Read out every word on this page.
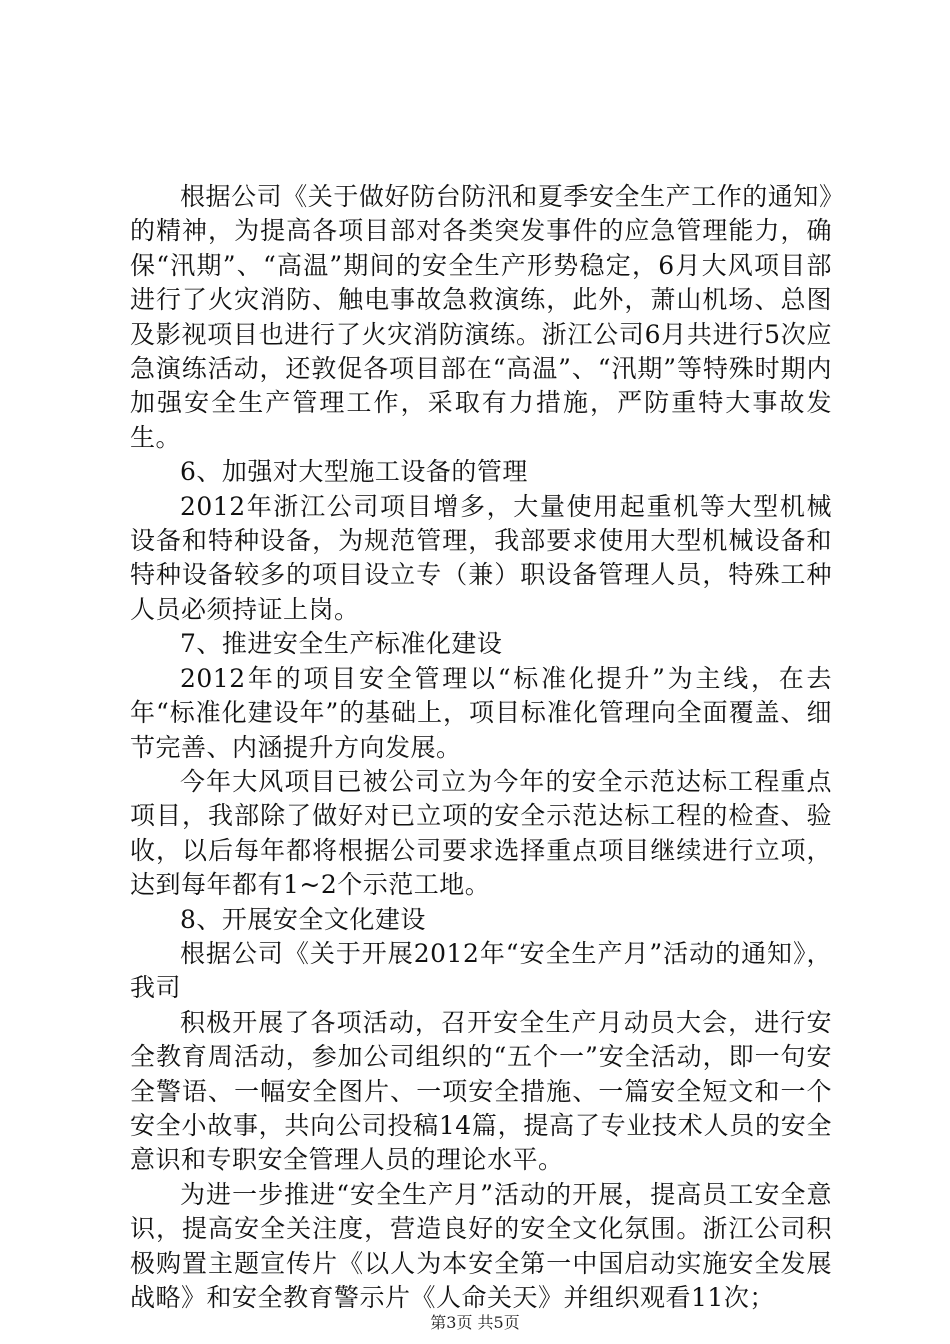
根据公司《关于做好防台防汛和夏季安全生产工作的通知》的精神，为提高各项目部对各类突发事件的应急管理能力，确保“汛期”、“高温”期间的安全生产形势稳定，6月大风项目部进行了火灾消防、触电事故急救演练，此外，萧山机场、总图及影视项目也进行了火灾消防演练。浙江公司6月共进行5次应急演练活动，还敦促各项目部在“高温”、“汛期”等特殊时期内加强安全生产管理工作，采取有力措施，严防重特大事故发生。

6、加强对大型施工设备的管理

2012年浙江公司项目增多，大量使用起重机等大型机械设备和特种设备，为规范管理，我部要求使用大型机械设备和特种设备较多的项目设立专（兼）职设备管理人员，特殊工种人员必须持证上岗。

7、推进安全生产标准化建设

2012年的项目安全管理以“标准化提升”为主线，在去年“标准化建设年”的基础上，项目标准化管理向全面覆盖、细节完善、内涵提升方向发展。

今年大风项目已被公司立为今年的安全示范达标工程重点项目，我部除了做好对已立项的安全示范达标工程的检查、验收，以后每年都将根据公司要求选择重点项目继续进行立项，达到每年都有1~2个示范工地。

8、开展安全文化建设

根据公司《关于开展2012年“安全生产月”活动的通知》，我司

积极开展了各项活动，召开安全生产月动员大会，进行安全教育周活动，参加公司组织的“五个一”安全活动，即一句安全警语、一幅安全图片、一项安全措施、一篇安全短文和一个安全小故事，共向公司投稿14篇，提高了专业技术人员的安全意识和专职安全管理人员的理论水平。

为进一步推进“安全生产月”活动的开展，提高员工安全意识，提高安全关注度，营造良好的安全文化氛围。浙江公司积极购置主题宣传片《以人为本安全第一中国启动实施安全发展战略》和安全教育警示片《人命关天》并组织观看11次；

第3页 共5页
